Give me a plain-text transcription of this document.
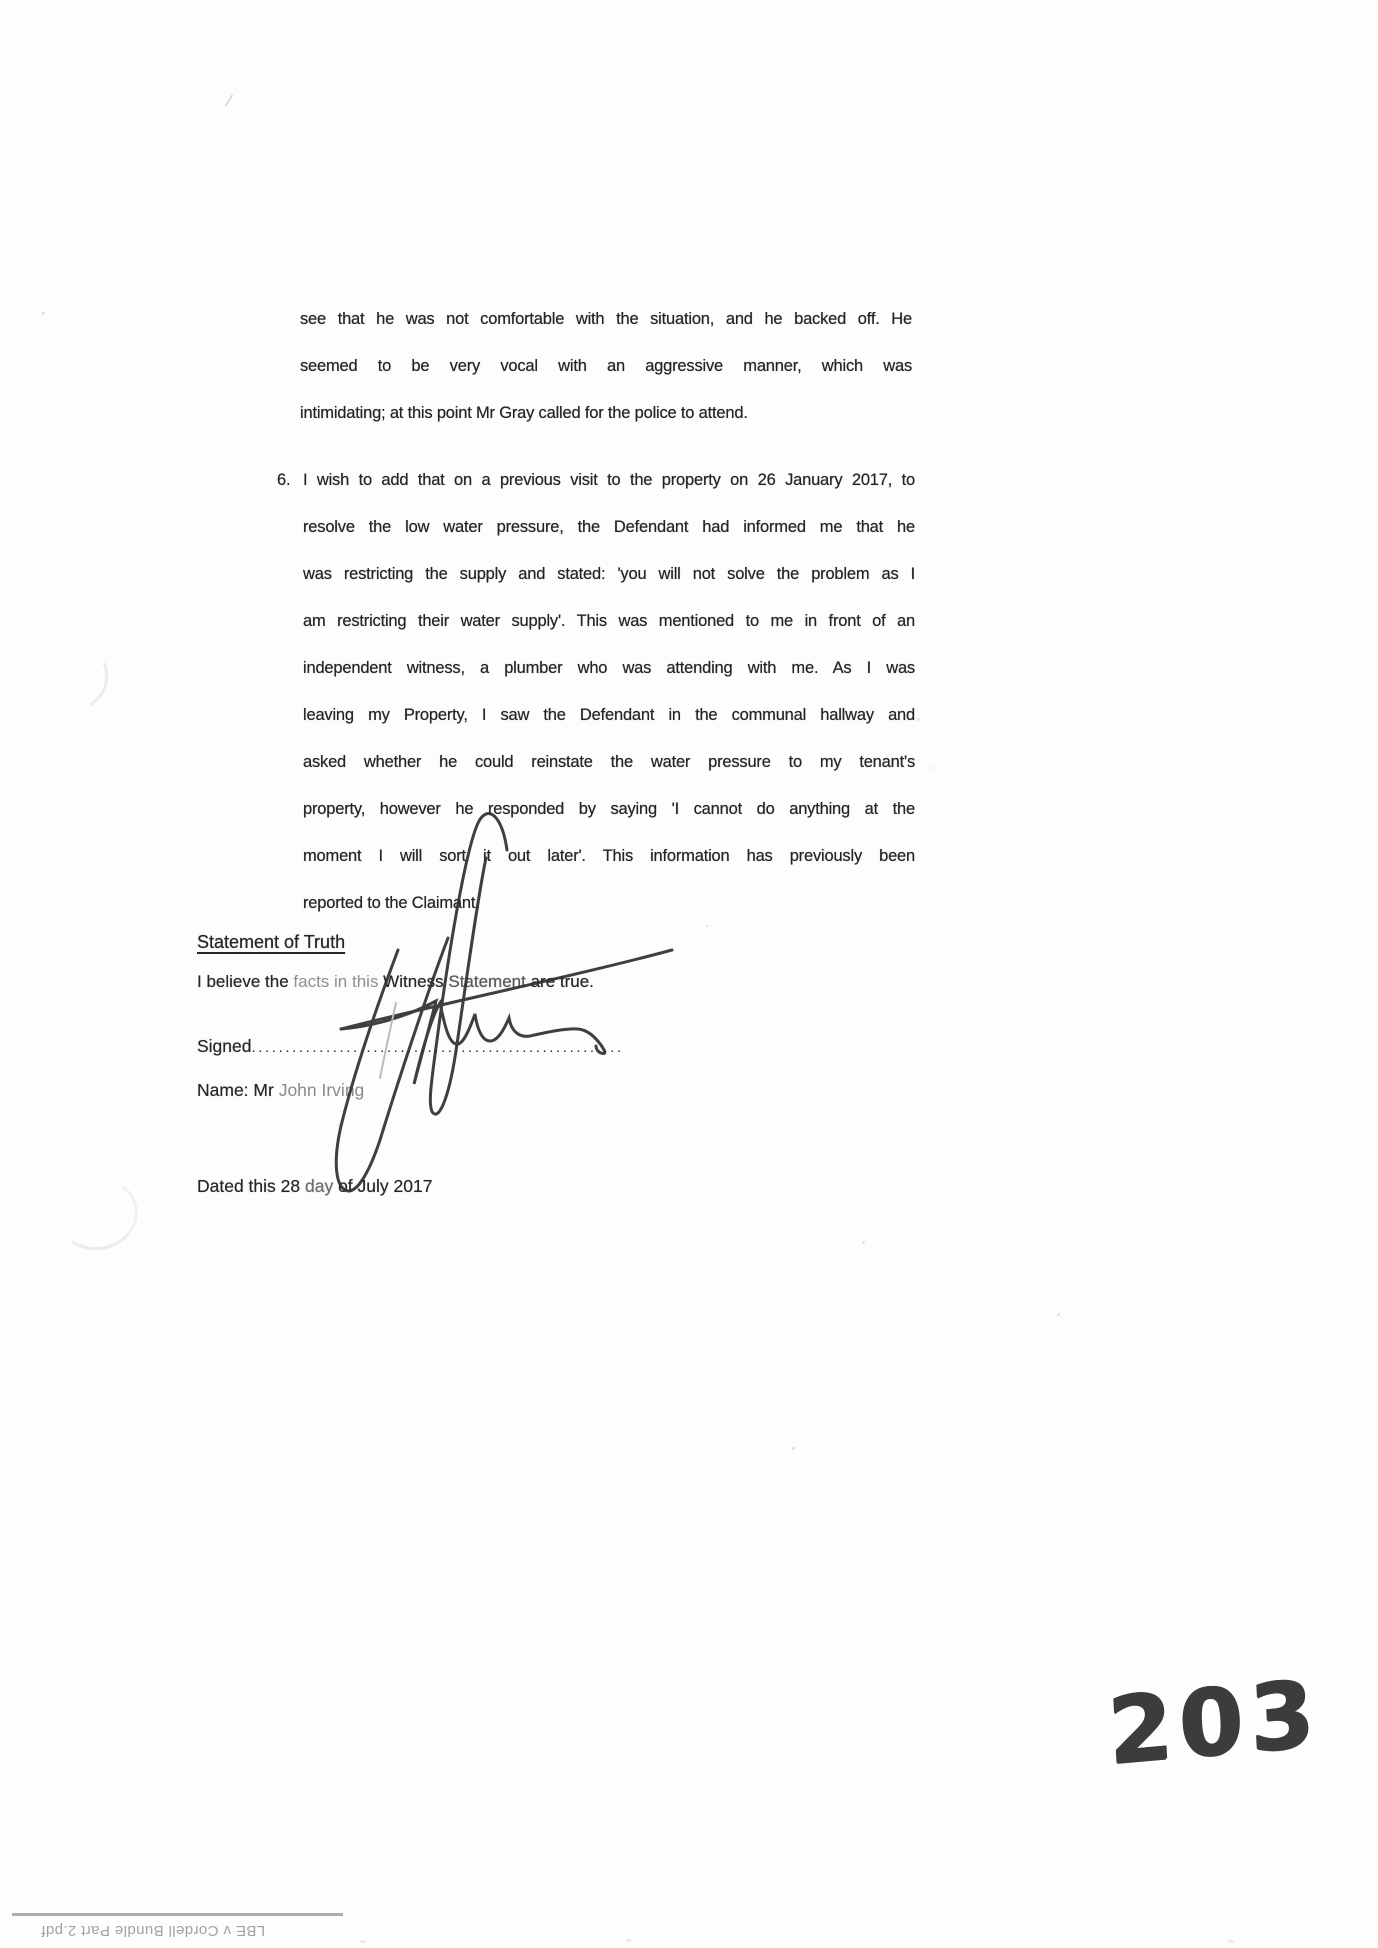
see that he was not comfortable with the situation, and he backed off. He
seemed to be very vocal with an aggressive manner, which was
intimidating; at this point Mr Gray called for the police to attend.
6. I wish to add that on a previous visit to the property on 26 January 2017, to
resolve the low water pressure, the Defendant had informed me that he
was restricting the supply and stated: 'you will not solve the problem as I
am restricting their water supply'. This was mentioned to me in front of an
independent witness, a plumber who was attending with me. As I was
leaving my Property, I saw the Defendant in the communal hallway and
asked whether he could reinstate the water pressure to my tenant's
property, however he responded by saying 'I cannot do anything at the
moment I will sort it out later'. This information has previously been
reported to the Claimant.
Statement of Truth
I believe the facts in this Witness Statement are true.
Signed.......................................................
Name: Mr John Irving
Dated this 28 day of July 2017
203
LBE v Cordell Bundle Part 2.pdf
